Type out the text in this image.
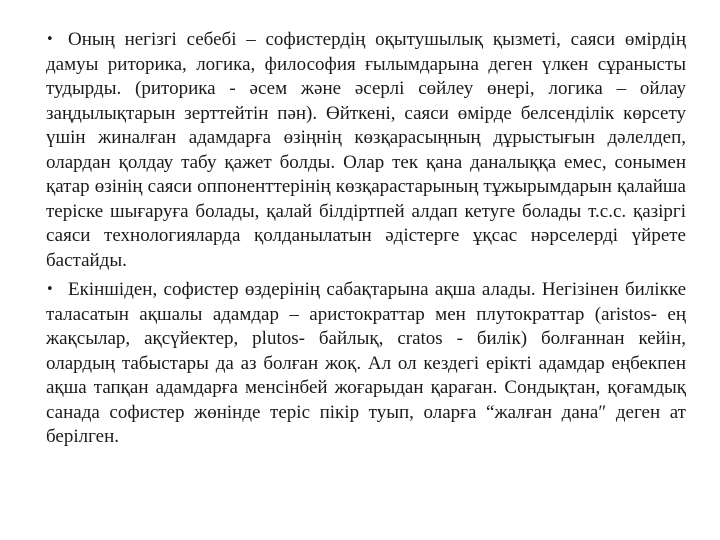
• Оның негізгі себебі – софистердің оқытушылық қызметі, саяси өмірдің дамуы риторика, логика, философия ғылымдарына деген үлкен сұранысты тудырды. (риторика - әсем және әсерлі сөйлеу өнері, логика – ойлау заңдылықтарын зерттейтін пән). Өйткені, саяси өмірде белсенділік көрсету үшін жиналған адамдарға өзіңнің көзқарасыңның дұрыстығын дәлелдеп, олардан қолдау табу қажет болды. Олар тек қана даналыққа емес, сонымен қатар өзінің саяси оппоненттерінің көзқарастарының тұжырымдарын қалайша теріске шығаруға болады, қалай білдіртпей алдап кетуге болады т.с.с. қазіргі саяси технологияларда қолданылатын әдістерге ұқсас нәрселерді үйрете бастайды.

• Екіншіден, софистер өздерінің сабақтарына ақша алады. Негізінен билікке таласатын ақшалы адамдар – аристократтар мен плутократтар (aristos- ең жақсылар, ақсүйектер, plutos- байлық, cratos - билік) болғаннан кейін, олардың табыстары да аз болған жоқ. Ал ол кездегі ерікті адамдар еңбекпен ақша тапқан адамдарға менсінбей жоғарыдан қараған. Сондықтан, қоғамдық санада софистер жөнінде теріс пікір туып, оларға “жалған дана″ деген ат берілген.
